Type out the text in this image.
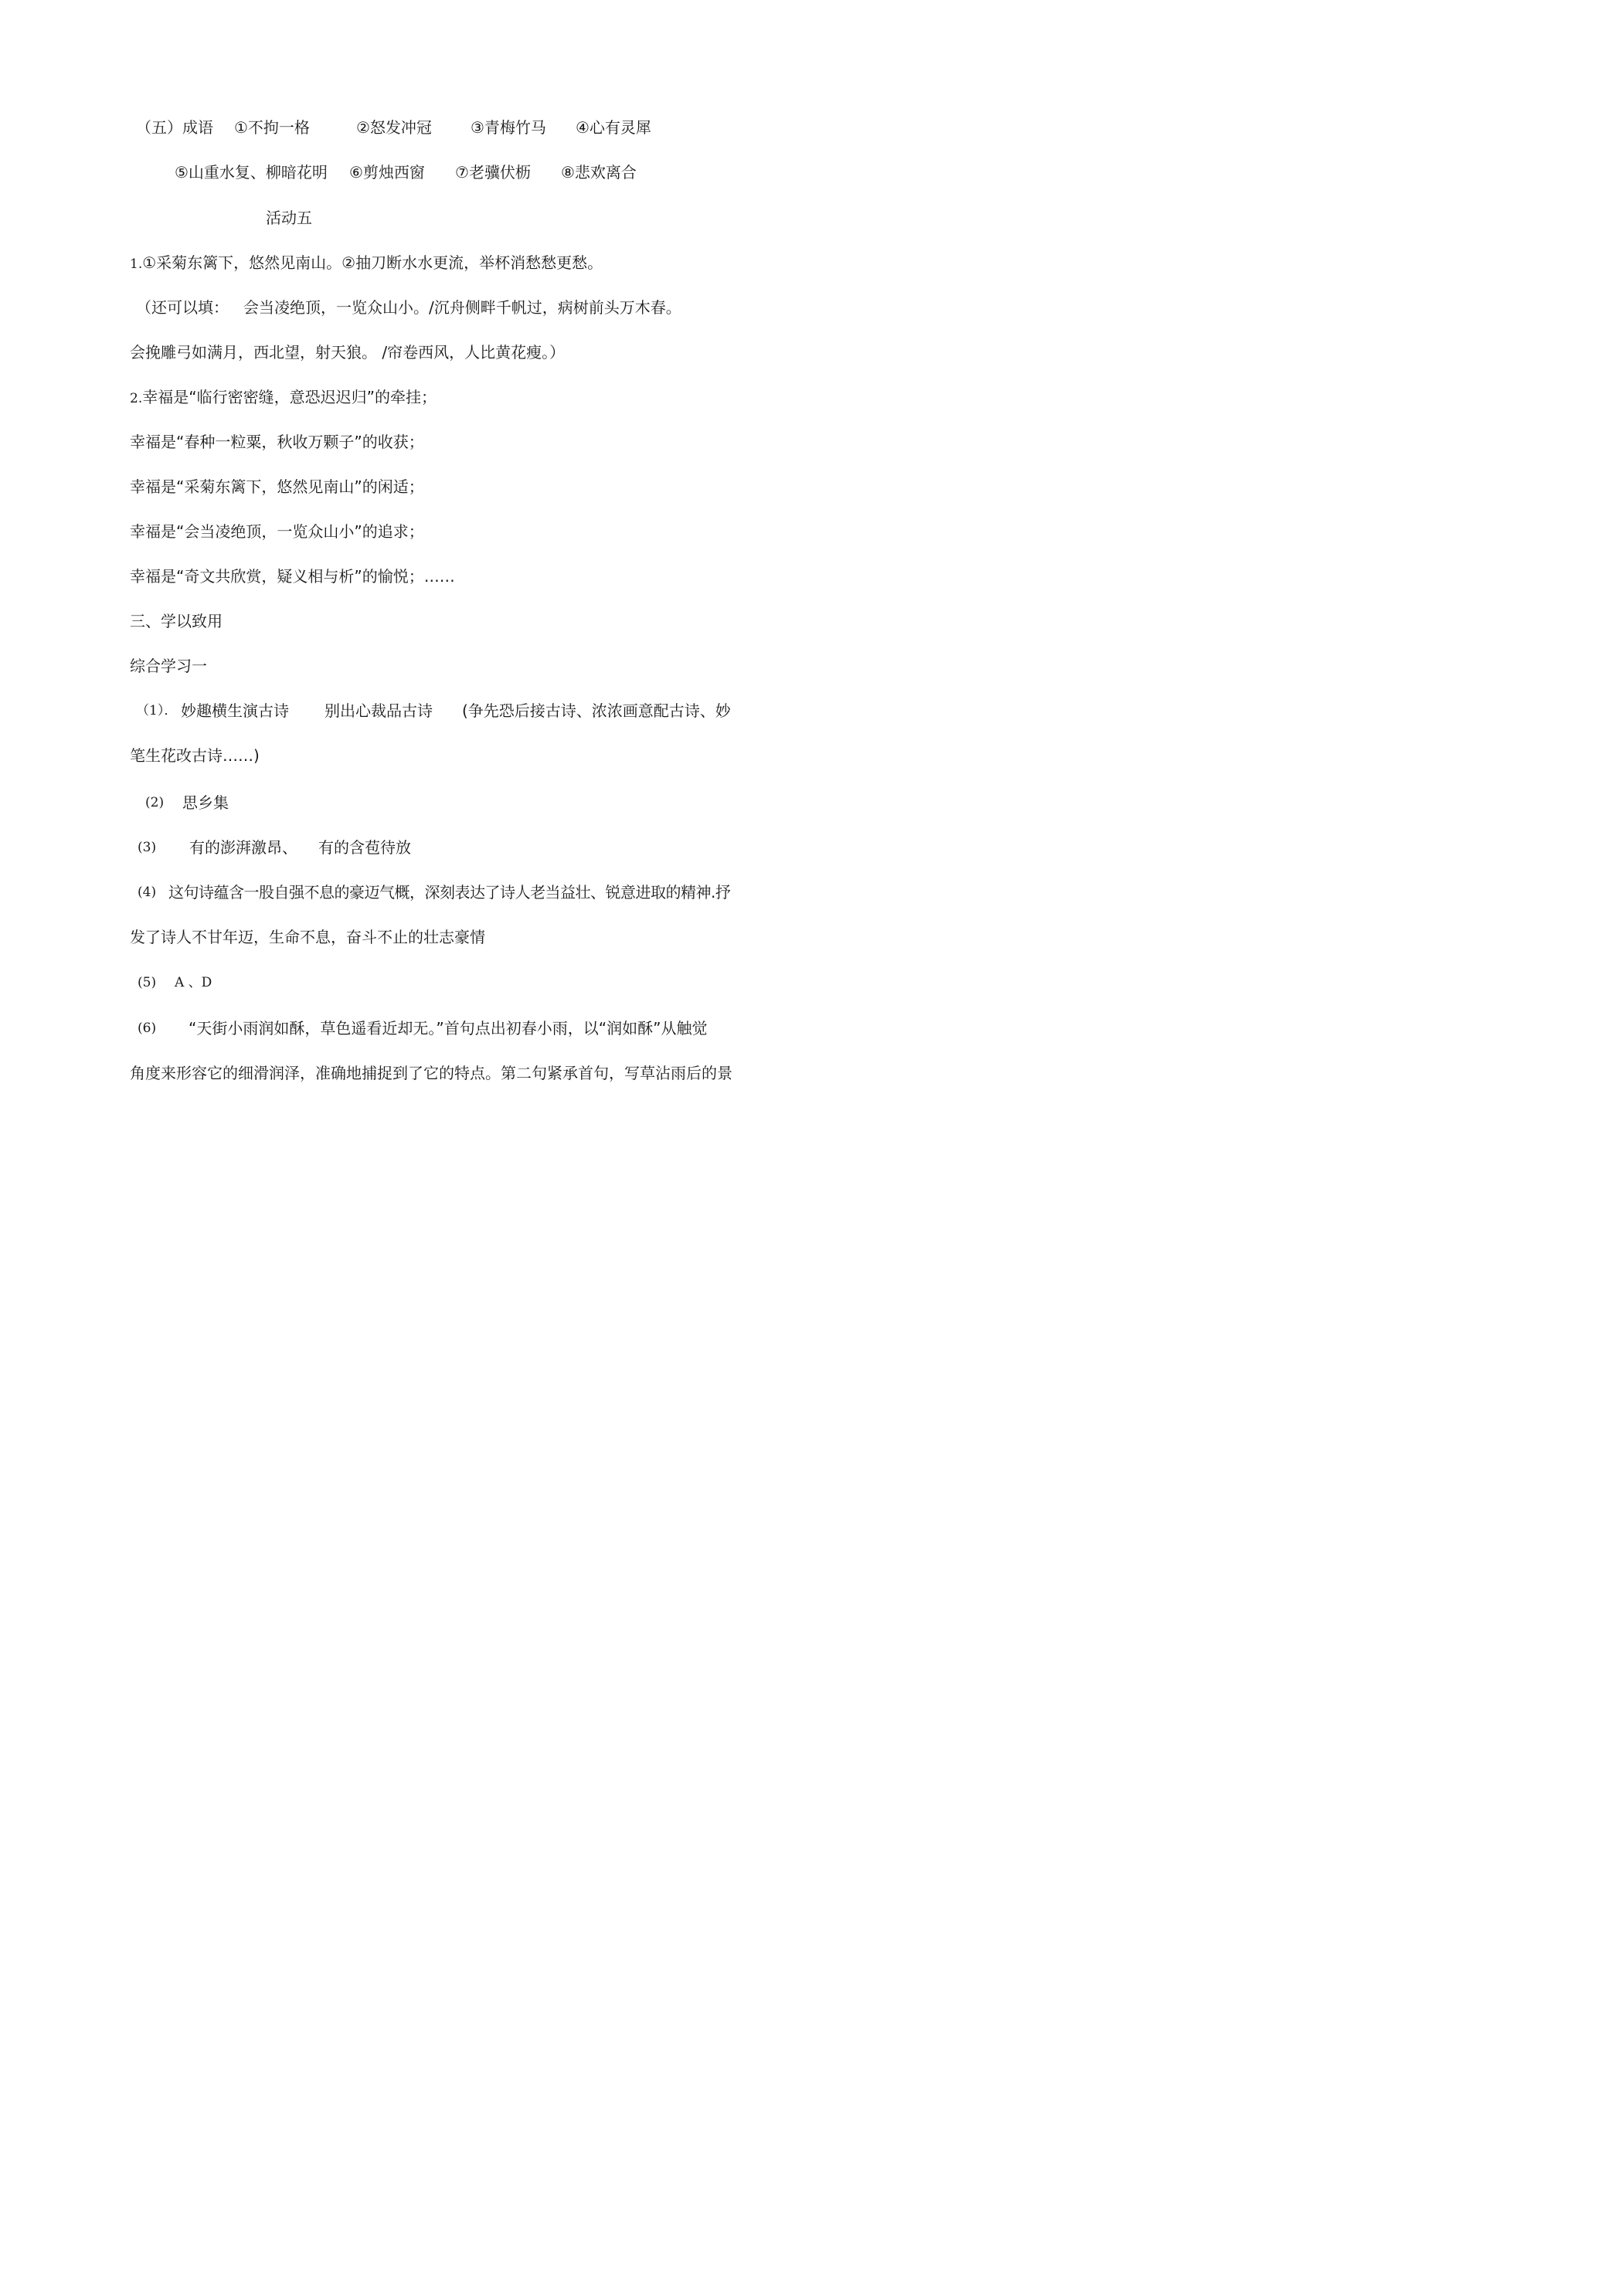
（五）成语 ①不拘一格	②怒发冲冠	③青梅竹马 ④心有灵犀
⑤山重水复、柳暗花明 ⑥剪烛西窗 ⑦老骥伏枥 ⑧悲欢离合
活动五
1.①采菊东篱下，悠然见南山。②抽刀断水水更流，举杯消愁愁更愁。
（还可以填： 会当凌绝顶，一览众山小。/沉舟侧畔千帆过，病树前头万木春。
会挽雕弓如满月，西北望，射天狼。 /帘卷西风，人比黄花瘦。）
2.幸福是“临行密密缝，意恐迟迟归”的牵挂；
幸福是“春种一粒粟，秋收万颗子”的收获；
幸福是“采菊东篱下，悠然见南山”的闲适；
幸福是“会当凌绝顶，一览众山小”的追求；
幸福是“奇文共欣赏，疑义相与析”的愉悦；……
三、学以致用
综合学习一
（1）． 妙趣横生演古诗 别出心裁品古诗 (争先恐后接古诗、浓浓画意配古诗、妙
笔生花改古诗……)
(2) 思乡集
(3) 有的澎湃激昂、 有的含苞待放
(4) 这句诗蕴含一股自强不息的豪迈气概，深刻表达了诗人老当益壮、锐意进取的精神.抒
发了诗人不甘年迈，生命不息，奋斗不止的壮志豪情
(5) A 、D
(6) “天街小雨润如酥，草色遥看近却无。”首句点出初春小雨，以“润如酥”从触觉
角度来形容它的细滑润泽，准确地捕捉到了它的特点。第二句紧承首句，写草沾雨后的景
